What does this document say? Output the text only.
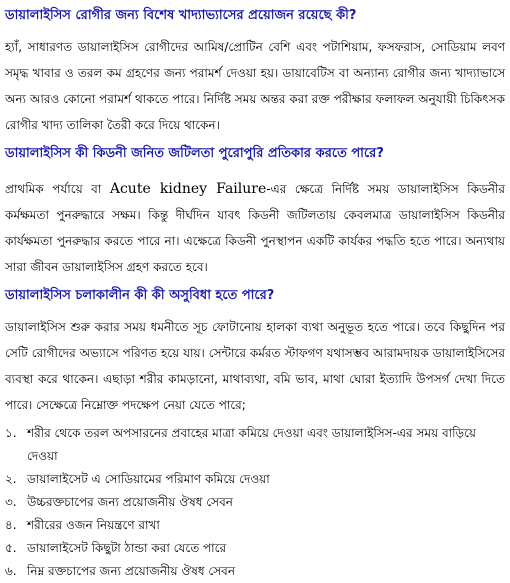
ডায়ালাইসিস রোগীর জন্য বিশেষ খাদ্যাভ্যাসের প্রয়োজন রয়েছে কী?

হ্যাঁ, সাধারণত ডায়ালাইসিস রোগীদের আমিষ/প্রোটিন বেশি এবং পটাশিয়াম, ফসফরাস, সোডিয়াম লবণ সমৃদ্ধ খাবার ও তরল কম গ্রহণের জন্য পরামর্শ দেওয়া হয়। ডায়াবেটিস বা অন্যান্য রোগীর জন্য খাদ্যাভাসে অন্য আরও কোনো পরামর্শ থাকতে পারে। নির্দিষ্ট সময় অন্তর করা রক্ত পরীক্ষার ফলাফল অনুযায়ী চিকিৎসক রোগীর খাদ্য তালিকা তৈরী করে দিয়ে থাকেন।

ডায়ালাইসিস কী কিডনী জনিত জটিলতা পুরোপুরি প্রতিকার করতে পারে?

প্রাথমিক পর্যায়ে বা Acute kidney Failure-এর ক্ষেত্রে নির্দিষ্ট সময় ডায়ালাইসিস কিডনীর কর্মক্ষমতা পুনরুদ্ধারে সক্ষম। কিন্তু দীর্ঘদিন যাবৎ কিডনী জটিলতায় কেবলমাত্র ডায়ালাইসিস কিডনীর কার্যক্ষমতা পুনরুদ্ধার করতে পারে না। এক্ষেত্রে কিডনী পুনস্থাপন একটি কার্যকর পদ্ধতি হতে পারে। অন্যথায় সারা জীবন ডায়ালাইসিস গ্রহণ করতে হবে।

ডায়ালাইসিস চলাকালীন কী কী অসুবিধা হতে পারে?

ডায়ালাইসিস শুরু করার সময় ধমনীতে সূচ ফোটানোয় হালকা ব্যথা অনুভূত হতে পারে। তবে কিছুদিন পর সেটি রোগীদের অভ্যাসে পরিণত হয়ে যায়। সেন্টারে কর্মরত স্টাফগণ যথাসম্ভব আরামদায়ক ডায়ালাইসিসের ব্যবস্থা করে থাকেন। এছাড়া শরীর কামড়ানো, মাথাব্যথা, বমি ভাব, মাথা ঘোরা ইত্যাদি উপসর্গ দেখা দিতে পারে। সেক্ষেত্রে নিম্নোক্ত পদক্ষেপ নেয়া যেতে পারে;

১. শরীর থেকে তরল অপসারনের প্রবাহের মাত্রা কমিয়ে দেওয়া এবং ডায়ালাইসিস-এর সময় বাড়িয়ে দেওয়া
২. ডায়ালাইসেট এ সোডিয়ামের পরিমাণ কমিয়ে দেওয়া
৩. উচ্চরক্তচাপের জন্য প্রয়োজনীয় ঔষধ সেবন
৪. শরীরের ওজন নিয়ন্ত্রণে রাখা
৫. ডায়ালাইসেট কিছুটা ঠান্ডা করা যেতে পারে
৬. নিম্ন রক্তচাপের জন্য প্রয়োজনীয় ঔষধ সেবন
